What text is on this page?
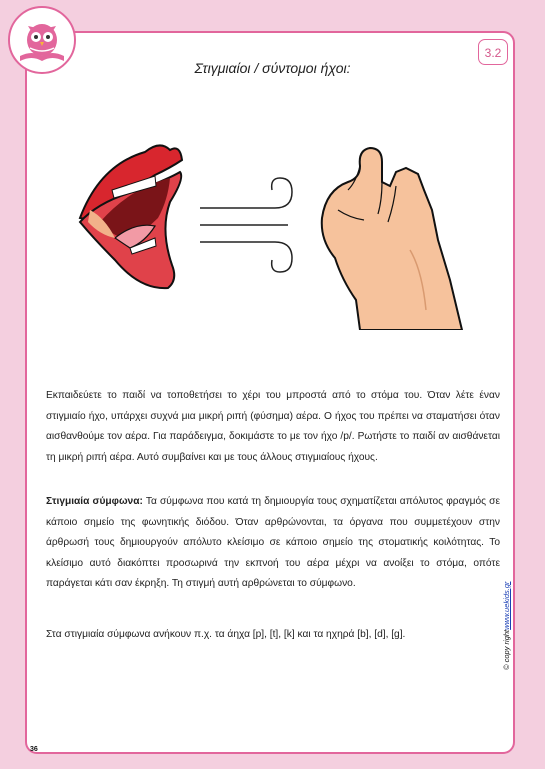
Στιγμιαίοι / σύντομοι ήχοι:
3.2
Εκπαιδεύετε το παιδί να τοποθετήσει το χέρι του μπροστά από το στόμα του. Όταν λέτε έναν στιγμιαίο ήχο, υπάρχει συχνά μια μικρή ριπή (φύσημα) αέρα. Ο ήχος του πρέπει να σταματήσει όταν αισθανθούμε τον αέρα. Για παράδειγμα, δοκιμάστε το με τον ήχο /p/. Ρωτήστε το παιδί αν αισθάνεται τη μικρή ριπή αέρα. Αυτό συμβαίνει και με τους άλλους στιγμιαίους ήχους.
Στιγμιαία σύμφωνα: Τα σύμφωνα που κατά τη δημιουργία τους σχηματίζεται απόλυτος φραγμός σε κάποιο σημείο της φωνητικής διόδου. Όταν αρθρώνονται, τα όργανα που συμμετέχουν στην άρθρωσή τους δημιουργούν απόλυτο κλείσιμο σε κάποιο σημείο της στοματικής κοιλότητας. Το κλείσιμο αυτό διακόπτει προσωρινά την εκπνοή του αέρα μέχρι να ανοίξει το στόμα, οπότε παράγεται κάτι σαν έκρηξη. Τη στιγμή αυτή αρθρώνεται το σύμφωνο.
Στα στιγμιαία σύμφωνα ανήκουν π.χ. τα άηχα [p], [t], [k] και τα ηχηρά [b], [d], [g].	© copy rightwww.uekids.gr
36
